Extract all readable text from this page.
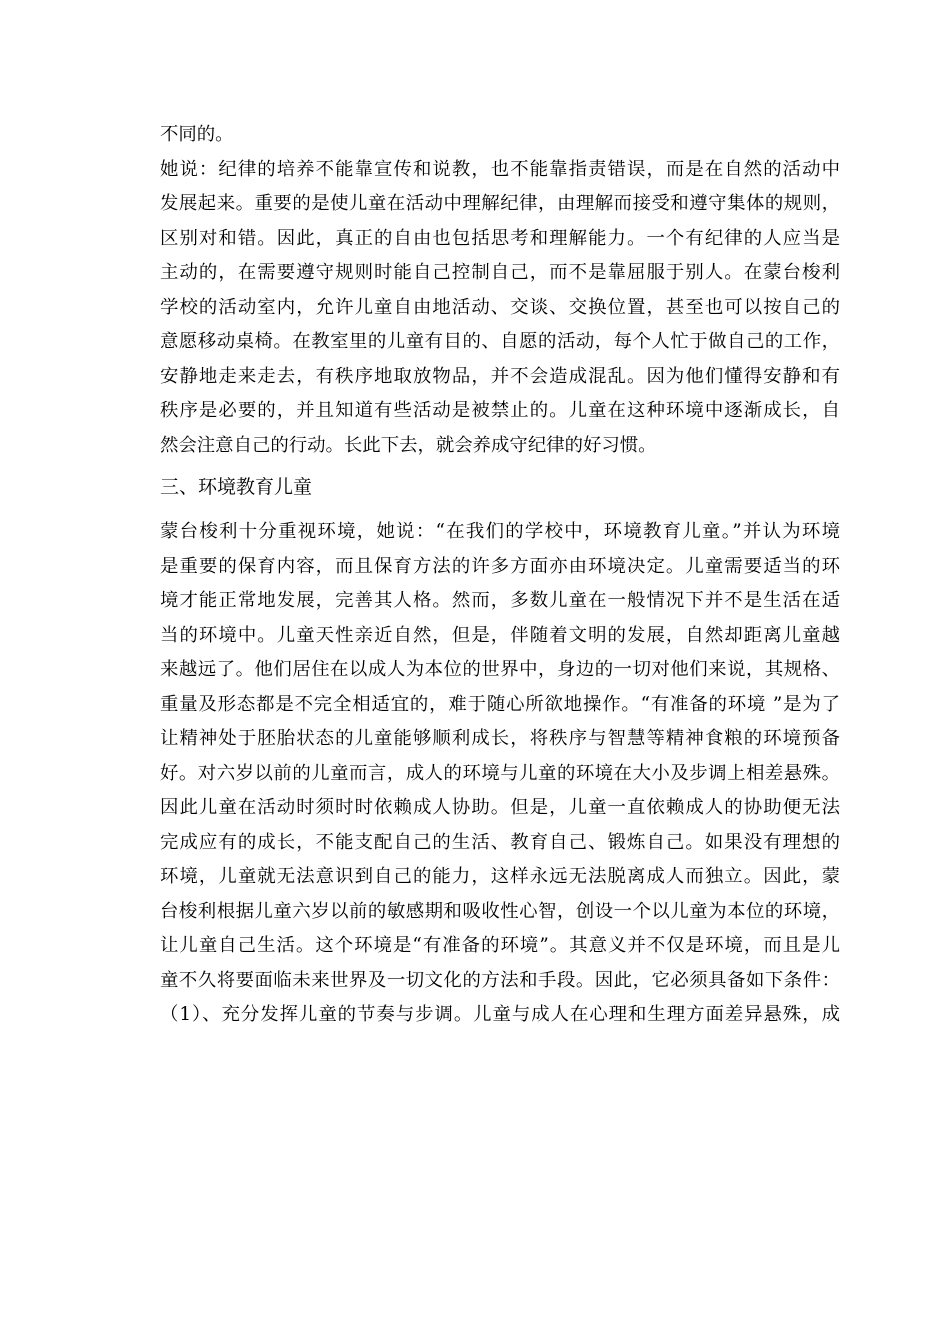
不同的。
她说：纪律的培养不能靠宣传和说教，也不能靠指责错误，而是在自然的活动中
发展起来。重要的是使儿童在活动中理解纪律，由理解而接受和遵守集体的规则，
区别对和错。因此，真正的自由也包括思考和理解能力。一个有纪律的人应当是
主动的，在需要遵守规则时能自己控制自己，而不是靠屈服于别人。在蒙台梭利
学校的活动室内，允许儿童自由地活动、交谈、交换位置，甚至也可以按自己的
意愿移动桌椅。在教室里的儿童有目的、自愿的活动，每个人忙于做自己的工作，
安静地走来走去，有秩序地取放物品，并不会造成混乱。因为他们懂得安静和有
秩序是必要的，并且知道有些活动是被禁止的。儿童在这种环境中逐渐成长，自
然会注意自己的行动。长此下去，就会养成守纪律的好习惯。
三、环境教育儿童
蒙台梭利十分重视环境，她说：“在我们的学校中，环境教育儿童。”并认为环境
是重要的保育内容，而且保育方法的许多方面亦由环境决定。儿童需要适当的环
境才能正常地发展，完善其人格。然而，多数儿童在一般情况下并不是生活在适
当的环境中。儿童天性亲近自然，但是，伴随着文明的发展，自然却距离儿童越
来越远了。他们居住在以成人为本位的世界中，身边的一切对他们来说，其规格、
重量及形态都是不完全相适宜的，难于随心所欲地操作。“有准备的环境 ”是为了
让精神处于胚胎状态的儿童能够顺利成长，将秩序与智慧等精神食粮的环境预备
好。对六岁以前的儿童而言，成人的环境与儿童的环境在大小及步调上相差悬殊。
因此儿童在活动时须时时依赖成人协助。但是，儿童一直依赖成人的协助便无法
完成应有的成长，不能支配自己的生活、教育自己、锻炼自己。如果没有理想的
环境，儿童就无法意识到自己的能力，这样永远无法脱离成人而独立。因此，蒙
台梭利根据儿童六岁以前的敏感期和吸收性心智，创设一个以儿童为本位的环境，
让儿童自己生活。这个环境是“有准备的环境”。其意义并不仅是环境，而且是儿
童不久将要面临未来世界及一切文化的方法和手段。因此，它必须具备如下条件：
（1）、充分发挥儿童的节奏与步调。儿童与成人在心理和生理方面差异悬殊，成
